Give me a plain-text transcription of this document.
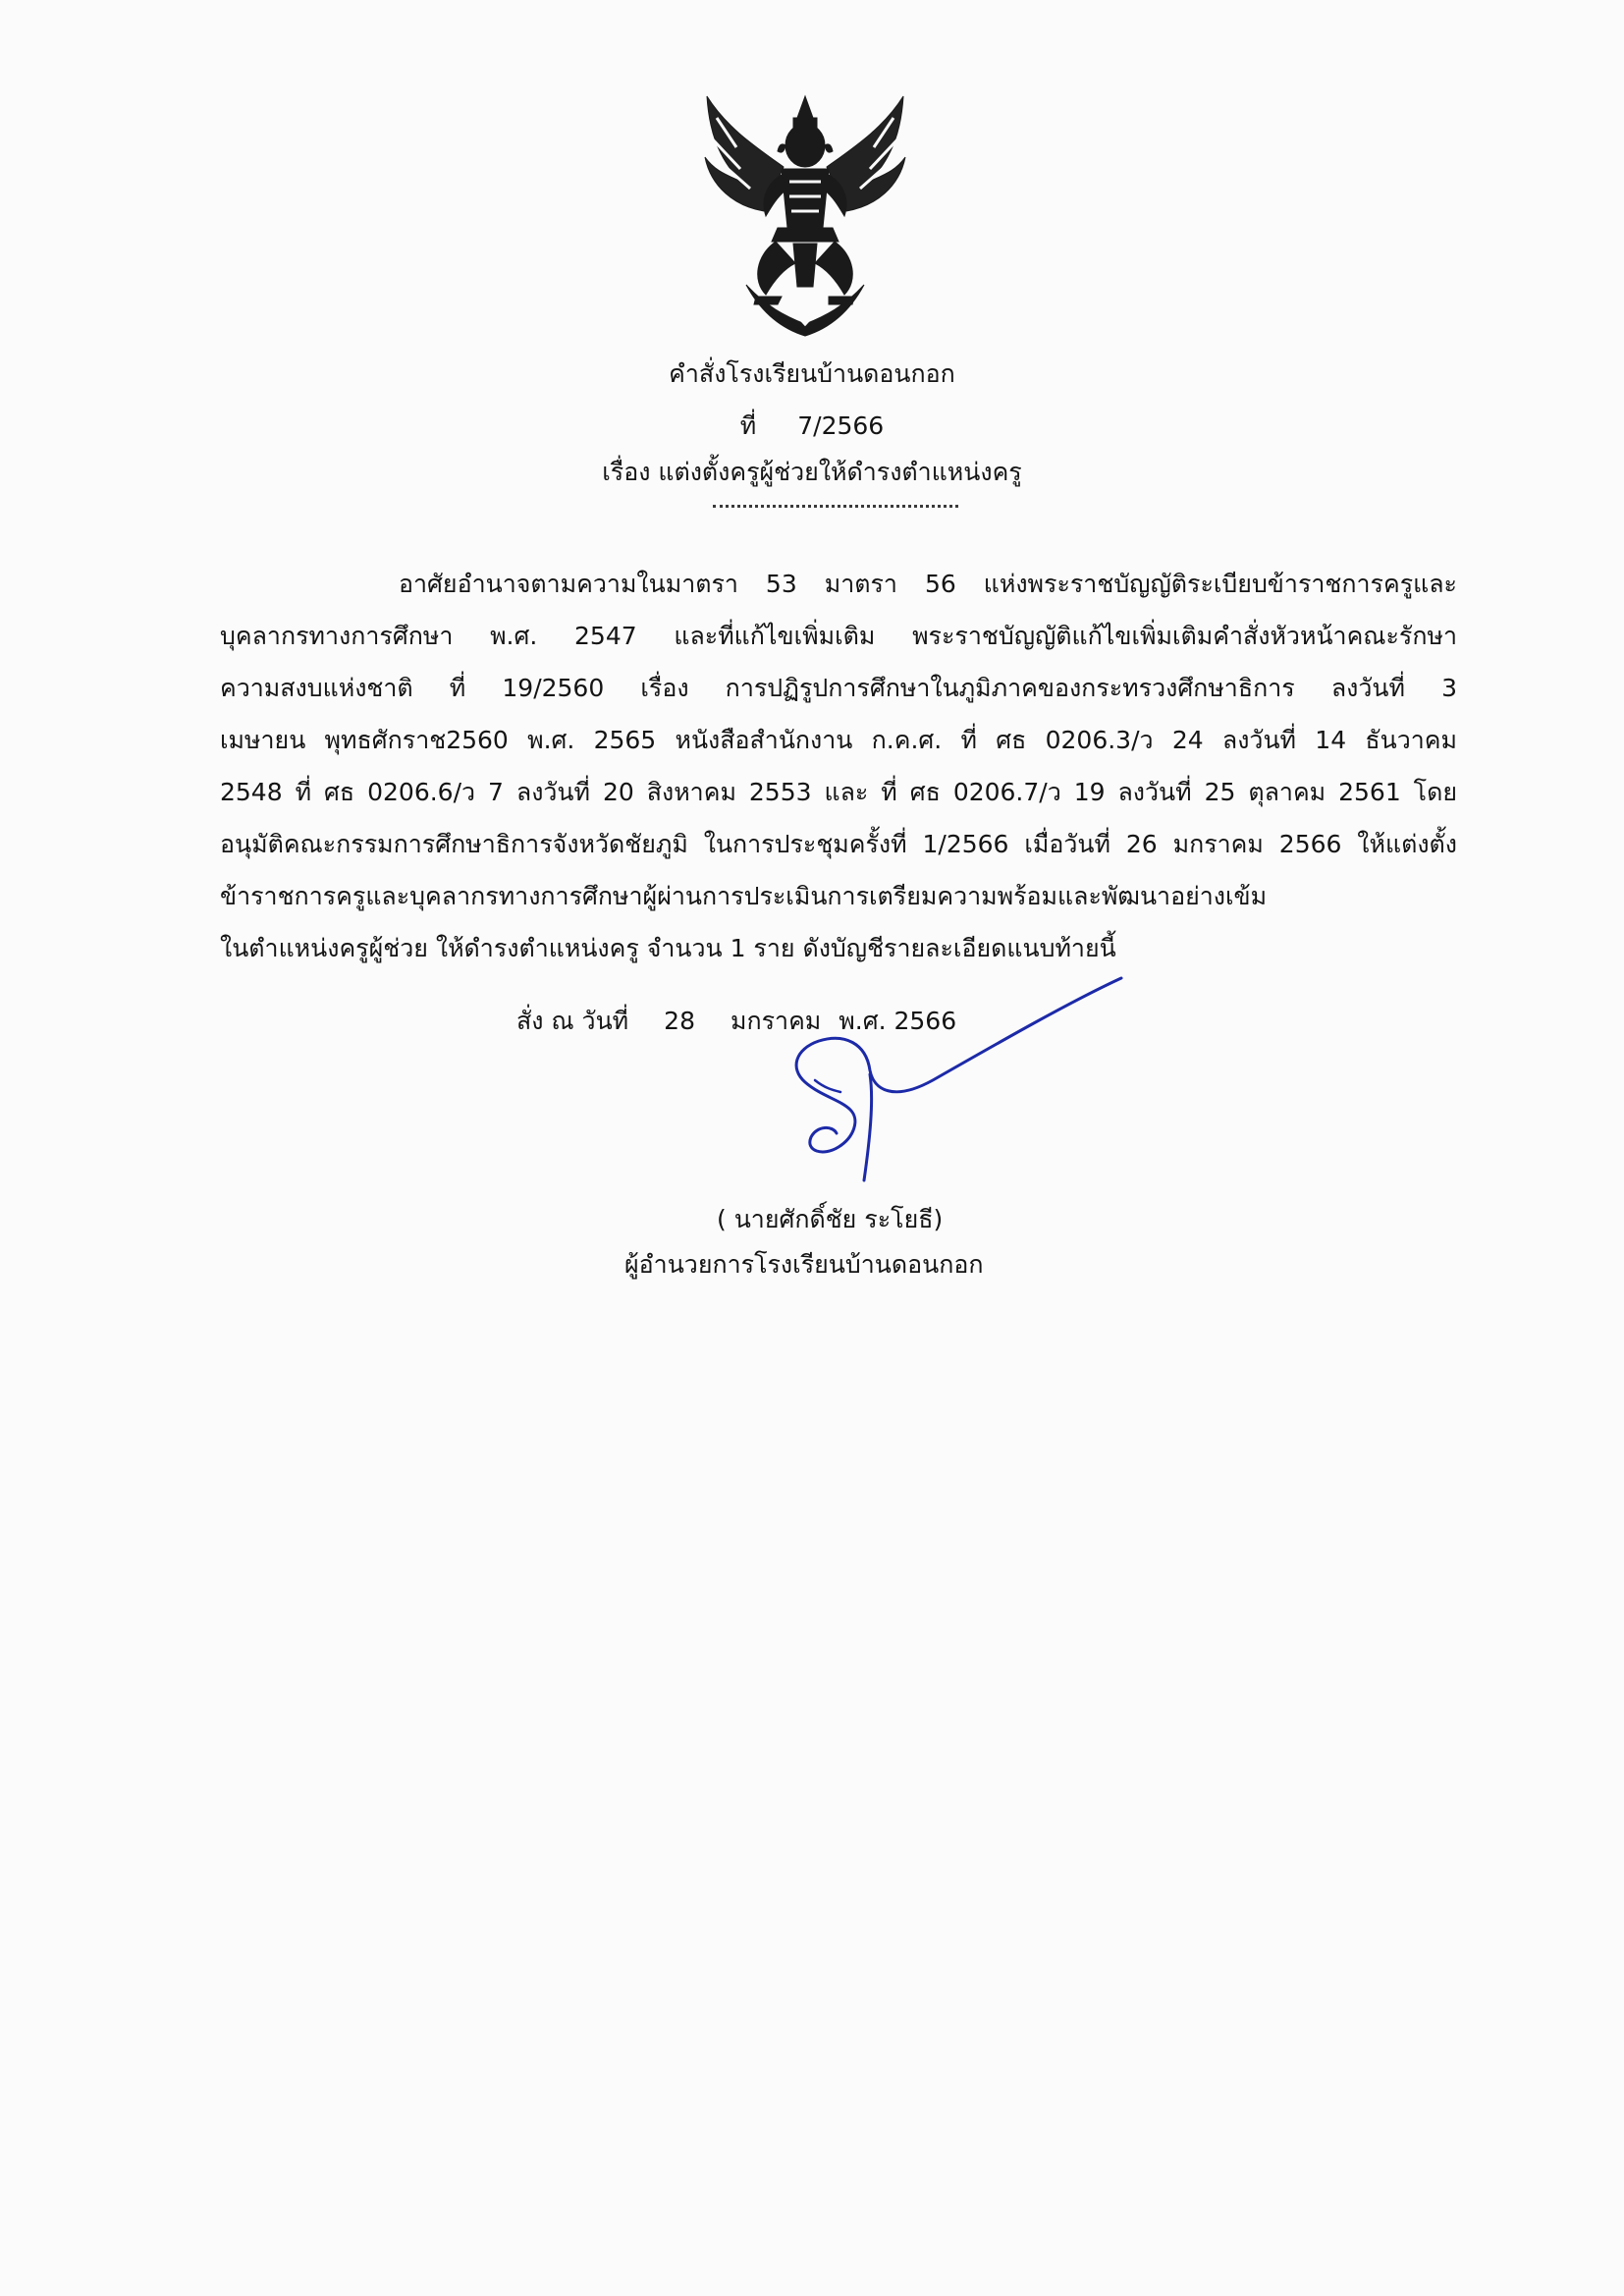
คำสั่งโรงเรียนบ้านดอนกอก
ที่ 7/2566
เรื่อง แต่งตั้งครูผู้ช่วยให้ดำรงตำแหน่งครู
อาศัยอำนาจตามความในมาตรา 53 มาตรา 56 แห่งพระราชบัญญัติระเบียบข้าราชการครูและ
บุคลากรทางการศึกษา พ.ศ. 2547 และที่แก้ไขเพิ่มเติม พระราชบัญญัติแก้ไขเพิ่มเติมคำสั่งหัวหน้าคณะรักษา
ความสงบแห่งชาติ ที่ 19/2560 เรื่อง การปฏิรูปการศึกษาในภูมิภาคของกระทรวงศึกษาธิการ ลงวันที่ 3
เมษายน พุทธศักราช2560 พ.ศ. 2565 หนังสือสำนักงาน ก.ค.ศ. ที่ ศธ 0206.3/ว 24 ลงวันที่ 14 ธันวาคม
2548 ที่ ศธ 0206.6/ว 7 ลงวันที่ 20 สิงหาคม 2553 และ ที่ ศธ 0206.7/ว 19 ลงวันที่ 25 ตุลาคม 2561 โดย
อนุมัติคณะกรรมการศึกษาธิการจังหวัดชัยภูมิ ในการประชุมครั้งที่ 1/2566 เมื่อวันที่ 26 มกราคม 2566 ให้แต่งตั้ง
ข้าราชการครูและบุคลากรทางการศึกษาผู้ผ่านการประเมินการเตรียมความพร้อมและพัฒนาอย่างเข้ม
ในตำแหน่งครูผู้ช่วย ให้ดำรงตำแหน่งครู จำนวน 1 ราย ดังบัญชีรายละเอียดแนบท้ายนี้
สั่ง ณ วันที่ 28 มกราคม พ.ศ. 2566
( นายศักดิ์ชัย ระโยธี)
ผู้อำนวยการโรงเรียนบ้านดอนกอก
